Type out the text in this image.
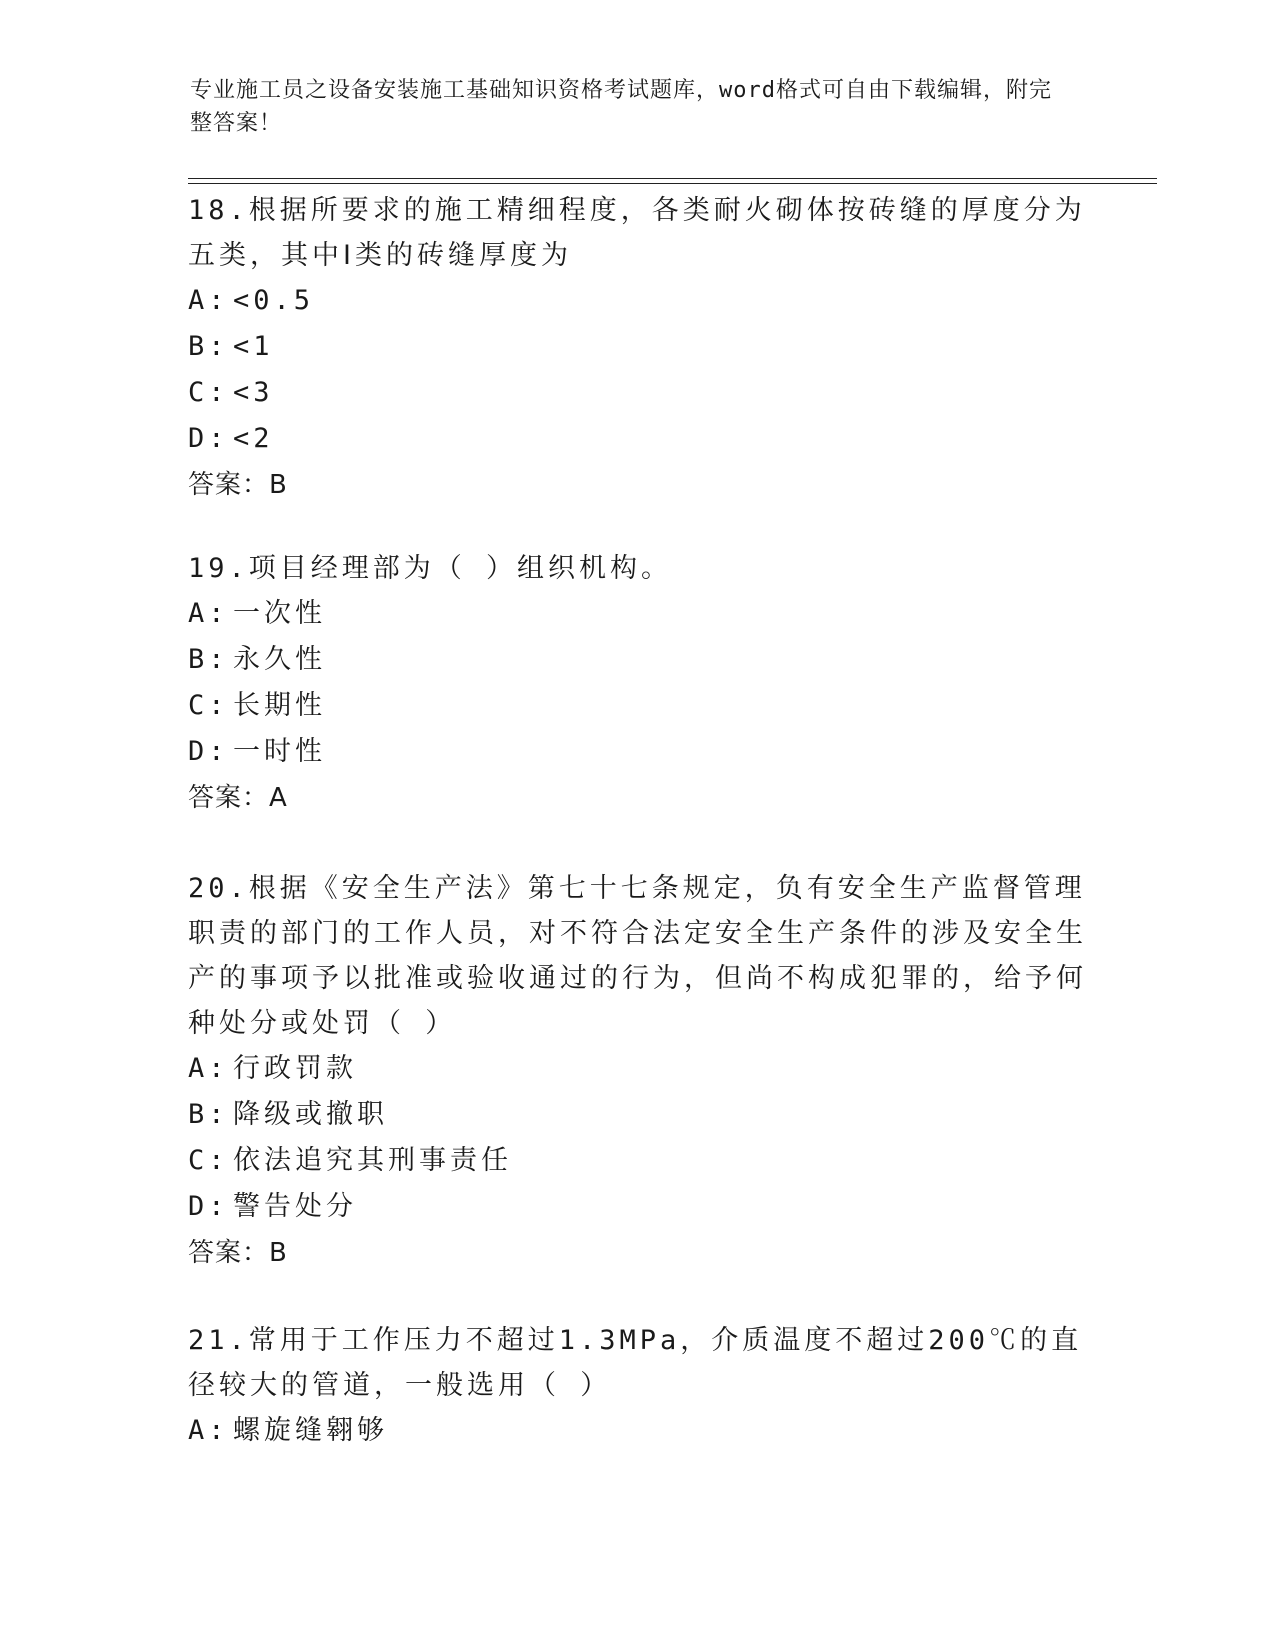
专业施工员之设备安装施工基础知识资格考试题库，word格式可自由下载编辑，附完整答案！

18.根据所要求的施工精细程度，各类耐火砌体按砖缝的厚度分为五类，其中Ⅰ类的砖缝厚度为

A: <0.5

B: <1

C: <3

D: <2

答案：B

19.项目经理部为（ ）组织机构。

A: 一次性

B: 永久性

C: 长期性

D: 一时性

答案：A

20.根据《安全生产法》第七十七条规定，负有安全生产监督管理职责的部门的工作人员，对不符合法定安全生产条件的涉及安全生产的事项予以批准或验收通过的行为，但尚不构成犯罪的，给予何种处分或处罚（ ）

A: 行政罚款

B: 降级或撤职

C: 依法追究其刑事责任

D: 警告处分

答案：B

21.常用于工作压力不超过1.3MPa，介质温度不超过200℃的直径较大的管道，一般选用（ ）

A: 螺旋缝翱够
